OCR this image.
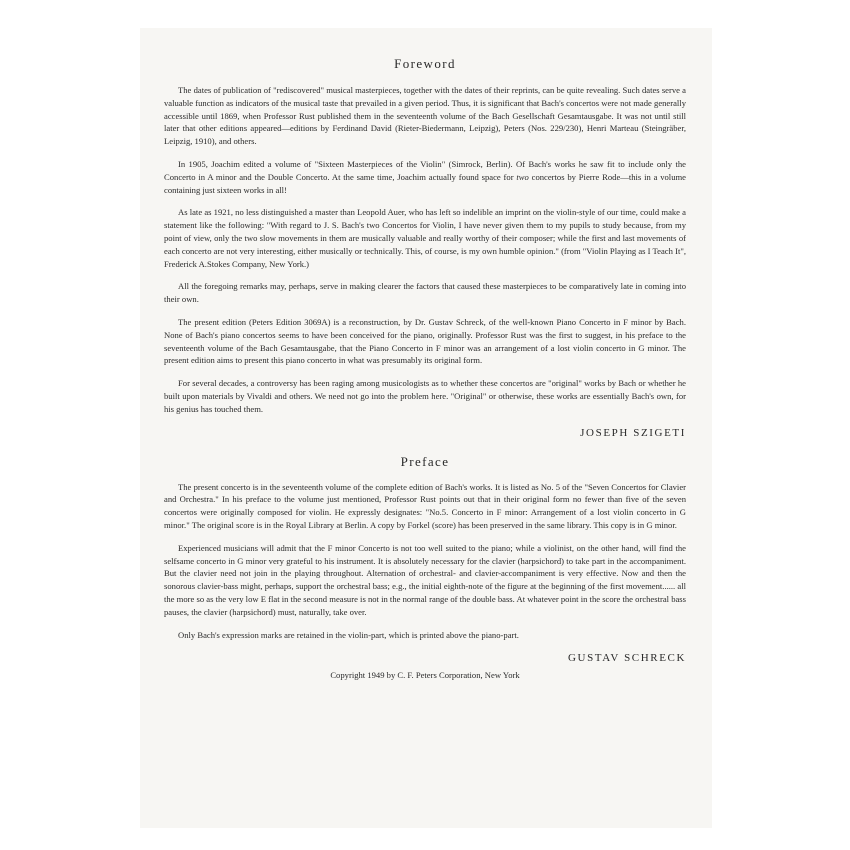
Foreword

The dates of publication of "rediscovered" musical masterpieces, together with the dates of their reprints, can be quite revealing. Such dates serve a valuable function as indicators of the musical taste that prevailed in a given period. Thus, it is significant that Bach's concertos were not made generally accessible until 1869, when Professor Rust published them in the seventeenth volume of the Bach Gesellschaft Gesamtausgabe. It was not until still later that other editions appeared—editions by Ferdinand David (Rieter-Biedermann, Leipzig), Peters (Nos. 229/230), Henri Marteau (Steingräber, Leipzig, 1910), and others.

In 1905, Joachim edited a volume of "Sixteen Masterpieces of the Violin" (Simrock, Berlin). Of Bach's works he saw fit to include only the Concerto in A minor and the Double Concerto. At the same time, Joachim actually found space for two concertos by Pierre Rode—this in a volume containing just sixteen works in all!

As late as 1921, no less distinguished a master than Leopold Auer, who has left so indelible an imprint on the violin-style of our time, could make a statement like the following: "With regard to J. S. Bach's two Concertos for Violin, I have never given them to my pupils to study because, from my point of view, only the two slow movements in them are musically valuable and really worthy of their composer; while the first and last movements of each concerto are not very interesting, either musically or technically. This, of course, is my own humble opinion." (from "Violin Playing as I Teach It", Frederick A.Stokes Company, New York.)

All the foregoing remarks may, perhaps, serve in making clearer the factors that caused these masterpieces to be comparatively late in coming into their own.

The present edition (Peters Edition 3069A) is a reconstruction, by Dr. Gustav Schreck, of the well-known Piano Concerto in F minor by Bach. None of Bach's piano concertos seems to have been conceived for the piano, originally. Professor Rust was the first to suggest, in his preface to the seventeenth volume of the Bach Gesamtausgabe, that the Piano Concerto in F minor was an arrangement of a lost violin concerto in G minor. The present edition aims to present this piano concerto in what was presumably its original form.

For several decades, a controversy has been raging among musicologists as to whether these concertos are "original" works by Bach or whether he built upon materials by Vivaldi and others. We need not go into the problem here. "Original" or otherwise, these works are essentially Bach's own, for his genius has touched them.

JOSEPH SZIGETI
Preface

The present concerto is in the seventeenth volume of the complete edition of Bach's works. It is listed as No. 5 of the "Seven Concertos for Clavier and Orchestra." In his preface to the volume just mentioned, Professor Rust points out that in their original form no fewer than five of the seven concertos were originally composed for violin. He expressly designates: "No.5. Concerto in F minor: Arrangement of a lost violin concerto in G minor." The original score is in the Royal Library at Berlin. A copy by Forkel (score) has been preserved in the same library. This copy is in G minor.

Experienced musicians will admit that the F minor Concerto is not too well suited to the piano; while a violinist, on the other hand, will find the selfsame concerto in G minor very grateful to his instrument. It is absolutely necessary for the clavier (harpsichord) to take part in the accompaniment. But the clavier need not join in the playing throughout. Alternation of orchestral- and clavier-accompaniment is very effective. Now and then the sonorous clavier-bass might, perhaps, support the orchestral bass; e.g., the initial eighth-note of the figure at the beginning of the first movement...... all the more so as the very low E flat in the second measure is not in the normal range of the double bass. At whatever point in the score the orchestral bass pauses, the clavier (harpsichord) must, naturally, take over.

Only Bach's expression marks are retained in the violin-part, which is printed above the piano-part.

GUSTAV SCHRECK
Copyright 1949 by C. F. Peters Corporation, New York
